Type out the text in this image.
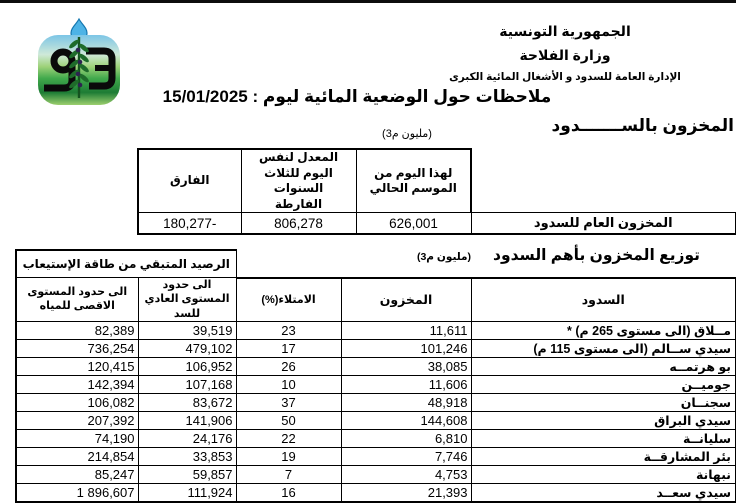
الجمهورية التونسية
وزارة الفلاحة
الإدارة العامة للسدود و الأشغال المائية الكبرى
ملاحظات حول الوضعية المائية ليوم : 15/01/2025
المخزون بالســـــــدود
(مليون م3)
	لهذا اليوم من الموسم الحالي	المعدل لنفس اليوم للثلاث السنوات الفارطة	الفارق
المخزون العام للسدود	626,001	806,278	-180,277
توزيع المخزون بأهم السدود
(مليون م3)
			الرصيد المتبقي من طاقة الإستيعاب	
السدود	المخزون	الامتلاء(%)	الى حدود المستوى العادي للسد	الى حدود المستوى الاقصى للمياه
مــلاق (الى مستوى 265 م) *	11,611	23	39,519	82,389
سيدي ســالم (الى مستوى 115 م)	101,246	17	479,102	736,254
بو هرتمــه	38,085	26	106,952	120,415
جوميــن	11,606	10	107,168	142,394
سجنــان	48,918	37	83,672	106,082
سيدي البراق	144,608	50	141,906	207,392
سليانــة	6,810	22	24,176	74,190
بئر المشارقــة	7,746	19	33,853	214,854
نبهانة	4,753	7	59,857	85,247
سيدي سعــد	21,393	16	111,924	1 896,607
